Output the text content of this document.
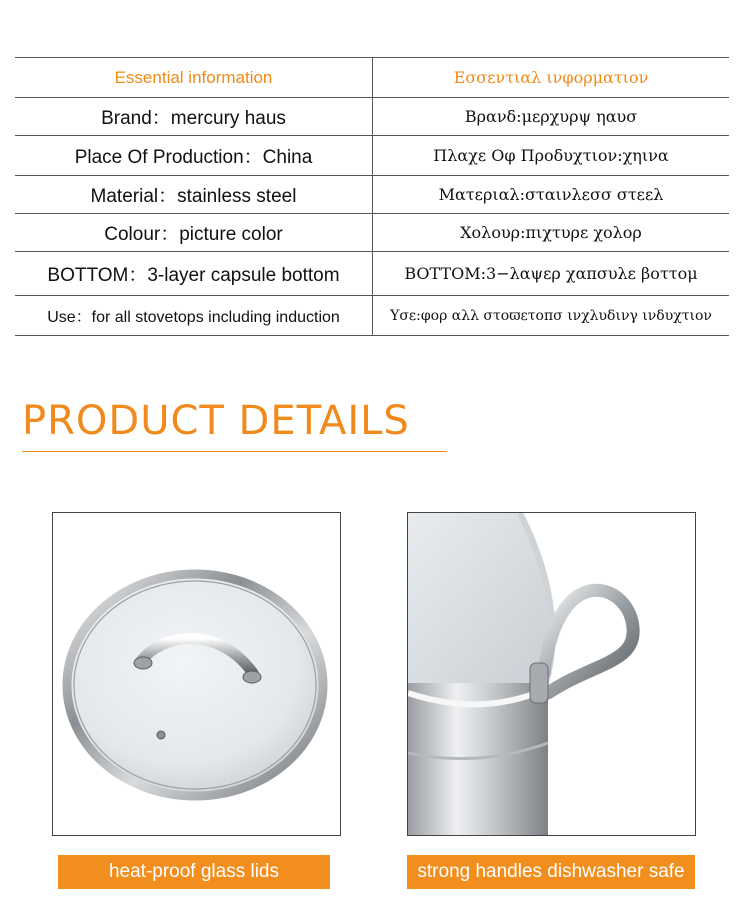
Essential information	Εσσεντιαλ ινφορματιον
Brand：mercury haus	Βρανδ:μερχυρψ ηαυσ
Place Of Production：China	Πλαχε Οφ Προδυχτιον:χηινα
Material：stainless steel	Ματεριαλ:σταινλεσσ στεελ
Colour：picture color	Χολουρ:πιχτυρε χολορ
BOTTOM：3-layer capsule bottom	BOTTOM:3−λαψερ χαπσυλε βοττομ
Use：for all stovetops including induction	Υσε:φορ αλλ στοϖετοπσ ινχλυδινγ ινδυχτιον
PRODUCT DETAILS
heat-proof glass lids	strong handles dishwasher safe
